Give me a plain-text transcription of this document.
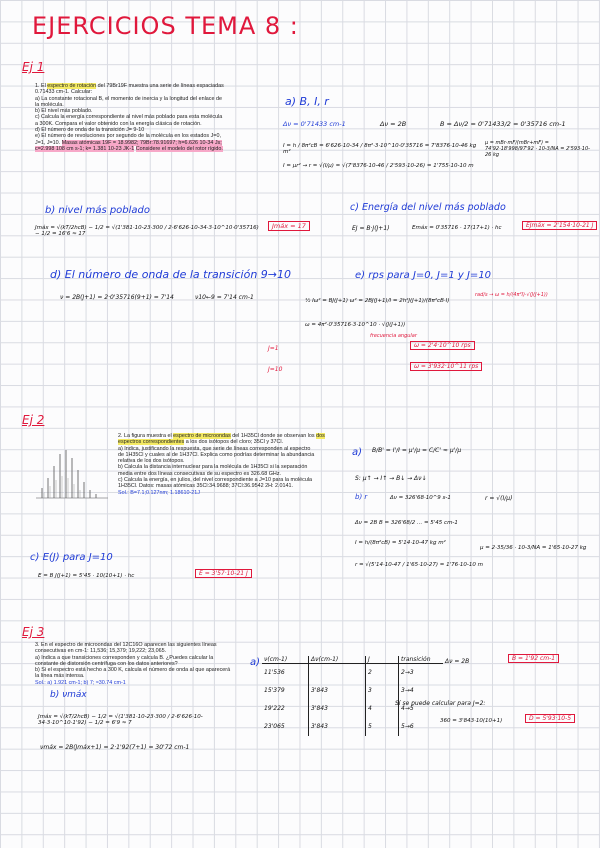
EJERCICIOS TEMA 8 :
Ej 1
1. El espectro de rotación del 79Br19F muestra una serie de líneas espaciadas
0.71433 cm-1. Calcular:
a) La constante rotacional B, el momento de inercia y la longitud del enlace de
la molécula.
b) El nivel más poblado.
c) Calcula la energía correspondiente al nivel más poblado para esta molécula
a 300K. Compara el valor obtenido con la energía clásica de rotación.
d) El número de onda de la transición J= 9-10
e) El número de revoluciones por segundo de la molécula en los estados J=0,
J=1, J=10. Masas atómicas 19F = 18.9982; 79Br:78.91697; h=6.626 10-34 Js;
c=2.998 108 cm s-1; k= 1.381 10-23 JK-1 Considere el modelo del rotor rígido.
a) B, I, r
Δν = 0'71433 cm-1	Δν = 2B	B = Δν/2 = 0'71433/2 = 0'35716 cm-1
I = h / 8π²cB = 6'626·10-34 / 8π²·3·10^10·0'35716 = 7'8376·10-46 kg m²
μ = mBr·mF/(mBr+mF) = 74'92·18'998/97'92 · 10-3/NA = 2'593·10-26 kg
I = μr² → r = √(I/μ) = √(7'8376·10-46 / 2'593·10-26) = 1'755·10-10 m
b) nivel más poblado
Jmáx = √(kT/2hcB) − 1/2 = √(1'381·10-23·300 / 2·6'626·10-34·3·10^10·0'35716) − 1/2 = 16'6 ≈ 17
Jmáx = 17
c) Energía del nivel más poblado
EJ = B·J(J+1)	Emáx = 0'35716 · 17(17+1) · hc	EJmáx = 2'154·10-21 J
d) El número de onda de la transición 9→10
ν = 2B(J+1) = 2·0'35716(9+1) = 7'14	ν10←9 = 7'14 cm-1
e) rps para J=0, J=1 y J=10
½ Iω² = BJ(J+1) ω² = 2BJ(J+1)/I = 2h²J(J+1)/(8π²cB·I)
ω = 4π²·0'35716·3·10^10 · √(J(J+1))
frecuencia angular
rad/s → ω = h/(4π²I)·√(J(J+1))
J=1	ω = 2'4·10^10 rps
J=10	ω = 3'932·10^11 rps
Ej 2
2. La figura muestra el espectro de microondas del 1H35Cl donde se observan los dos espectros correspondientes a los dos isótopos del cloro; 35Cl y 37Cl.
a) Indica, justificando la respuesta, que serie de líneas corresponden al espectro
de 1H35Cl y cuales al de 1H37Cl. Explica como podrías determinar la abundancia
relativa de los dos isótopos.
b) Calcula la distancia internuclear para la molécula de 1H35Cl si la separación
media entre dos líneas consecutivas de su espectro es 326.68 GHz.
c) Calcula la energía, en julios, del nivel correspondiente a J=10 para la molécula
1H35Cl. Datos: masas atómicas 35Cl:34.9688; 37Cl:36.9542 2H: 2.0141.
Sol.: B=7.1;0.127nm; 1.18610-21J
a) B/B' = I'/I = μ'/μ = C/C' ≈ μ'/μ
S: μ↑ → I↑ → B↓ → Δν↓
b) r	Δν = 326'68·10^9 s-1	r = √(I/μ)
Δν = 2B B = 326'68/2 ... = 5'45 cm-1
I = h/(8π²cB) = 5'14·10-47 kg m²
μ = 2·35/36 · 10-3/NA = 1'65·10-27 kg
r = √(5'14·10-47 / 1'65·10-27) = 1'76·10-10 m
c) E(J) para J=10
E = B J(J+1) = 5'45 · 10(10+1) · hc	E = 3'57·10-21 J
Ej 3
3. En el espectro de microondas del 12C16O aparecen las siguientes líneas
consecutivas en cm-1: 11,536; 15,379; 19,222; 23,065.
a) Indica a que transiciones corresponden y calcula B. ¿Puedes calcular la
constante de distorsión centrífuga con los datos anteriores?
b) Si el espectro está hecho a 300 K, calcula el número de onda al que aparecerá
la línea más intensa.
Sol.: a) 1.921 cm-1; b) 7; ≈30.74 cm-1
b) νmáx
Jmáx = √(kT/2hcB) − 1/2 = √(1'381·10-23·300 / 2·6'626·10-34·3·10^10·1'92) − 1/2 = 6'9 ≈ 7
νmáx = 2B(Jmáx+1) = 2·1'92(7+1) = 30'72 cm-1
a) ν(cm-1)	Δν(cm-1)	J	transición
11'536		2	2→3
15'379	3'843	3	3→4
19'222	3'843	4	4→5
23'065	3'843	5	5→6
Δν = 2B	B = 1'92 cm-1
Sí se puede calcular para J=2:
360 = 3'843·10(10+1)	D = 5'93·10-5
